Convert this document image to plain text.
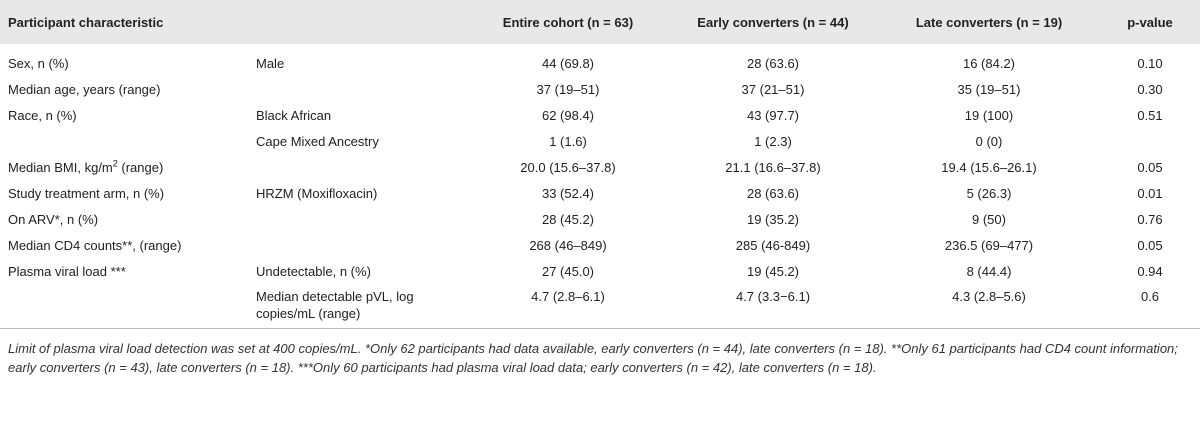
Participant characteristic		Entire cohort (n = 63)	Early converters (n = 44)	Late converters (n = 19)	p-value
Sex, n (%)	Male	44 (69.8)	28 (63.6)	16 (84.2)	0.10
Median age, years (range)		37 (19–51)	37 (21–51)	35 (19–51)	0.30
Race, n (%)	Black African	62 (98.4)	43 (97.7)	19 (100)	0.51
	Cape Mixed Ancestry	1 (1.6)	1 (2.3)	0 (0)	
Median BMI, $kg/m^2$ (range)		20.0 (15.6–37.8)	21.1 (16.6–37.8)	19.4 (15.6–26.1)	0.05
Study treatment arm, n (%)	HRZM (Moxifloxacin)	33 (52.4)	28 (63.6)	5 (26.3)	0.01
On ARV*, n (%)		28 (45.2)	19 (35.2)	9 (50)	0.76
Median CD4 counts**, (range)		268 (46–849)	285 (46-849)	236.5 (69–477)	0.05
Plasma viral load ***	Undetectable, n (%)	27 (45.0)	19 (45.2)	8 (44.4)	0.94
	Median detectable pVL, log copies/mL (range)	4.7 (2.8–6.1)	4.7 (3.3−6.1)	4.3 (2.8–5.6)	0.6

Limit of plasma viral load detection was set at 400 copies/mL. *Only 62 participants had data available, early converters (n = 44), late converters (n = 18). **Only 61 participants had CD4 count information; early converters (n = 43), late converters (n = 18). ***Only 60 participants had plasma viral load data; early converters (n = 42), late converters (n = 18).
